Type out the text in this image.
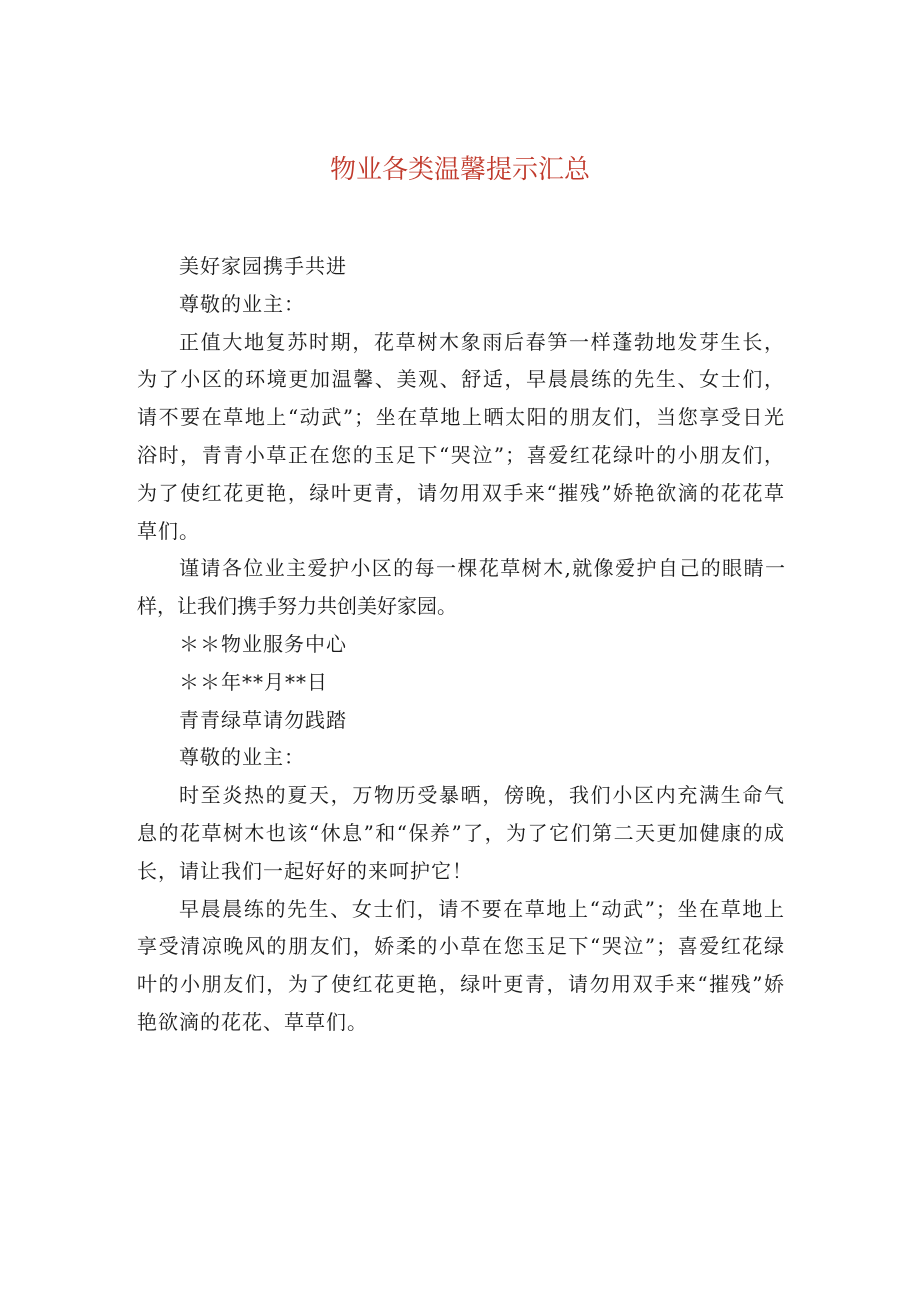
物业各类温馨提示汇总

美好家园携手共进

尊敬的业主：

正值大地复苏时期，花草树木象雨后春笋一样蓬勃地发芽生长，为了小区的环境更加温馨、美观、舒适，早晨晨练的先生、女士们，请不要在草地上“动武”；坐在草地上晒太阳的朋友们，当您享受日光浴时，青青小草正在您的玉足下“哭泣”；喜爱红花绿叶的小朋友们，为了使红花更艳，绿叶更青，请勿用双手来“摧残”娇艳欲滴的花花草草们。

谨请各位业主爱护小区的每一棵花草树木,就像爱护自己的眼睛一样，让我们携手努力共创美好家园。

＊＊物业服务中心

＊＊年**月**日

青青绿草请勿践踏

尊敬的业主：

时至炎热的夏天，万物历受暴晒，傍晚，我们小区内充满生命气息的花草树木也该“休息”和“保养”了，为了它们第二天更加健康的成长，请让我们一起好好的来呵护它！

早晨晨练的先生、女士们，请不要在草地上“动武”；坐在草地上享受清凉晚风的朋友们，娇柔的小草在您玉足下“哭泣”；喜爱红花绿叶的小朋友们，为了使红花更艳，绿叶更青，请勿用双手来“摧残”娇艳欲滴的花花、草草们。
